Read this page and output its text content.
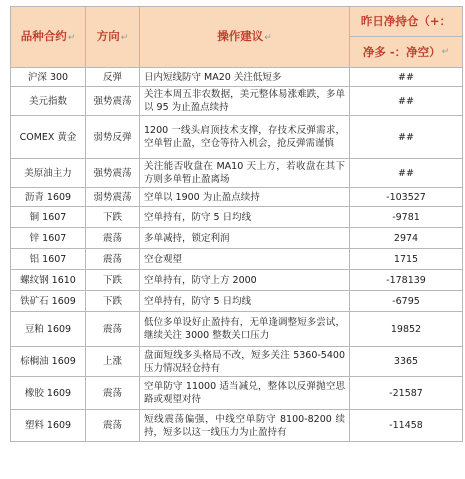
品种合约↵	方向↵	操作建议↵	昨日净持仓（+：
净多 -：净空） ↵

沪深 300	反弹	日内短线防守 MA20 关注低短多	##
美元指数	强势震荡	关注本周五非农数据，美元整体易涨难跌，多单以 95 为止盈点续持	##
COMEX 黄金	弱势反弹	1200 一线头肩顶技术支撑，存技术反弹需求，空单暂止盈，空仓等待入机会，抢反弹需谨慎	##
美原油主力	强势震荡	关注能否收盘在 MA10 天上方，若收盘在其下方则多单暂止盈离场	##
沥青 1609	弱势震荡	空单以 1900 为止盈点续持	-103527
铜 1607	下跌	空单持有，防守 5 日均线	-9781
锌 1607	震荡	多单减持，锁定利润	2974
铝 1607	震荡	空仓观望	1715
螺纹钢 1610	下跌	空单持有，防守上方 2000	-178139
铁矿石 1609	下跌	空单持有，防守 5 日均线	-6795
豆粕 1609	震荡	低位多单设好止盈持有，无单逢调整短多尝试，继续关注 3000 整数关口压力	19852
棕榈油 1609	上涨	盘面短线多头格局不改，短多关注 5360-5400 压力情况轻仓持有	3365
橡胶 1609	震荡	空单防守 11000 适当减兑，整体以反弹抛空思路或观望对待	-21587
塑料 1609	震荡	短线震荡偏强，中线空单防守 8100-8200 续持，短多以这一线压力为止盈持有	-11458
